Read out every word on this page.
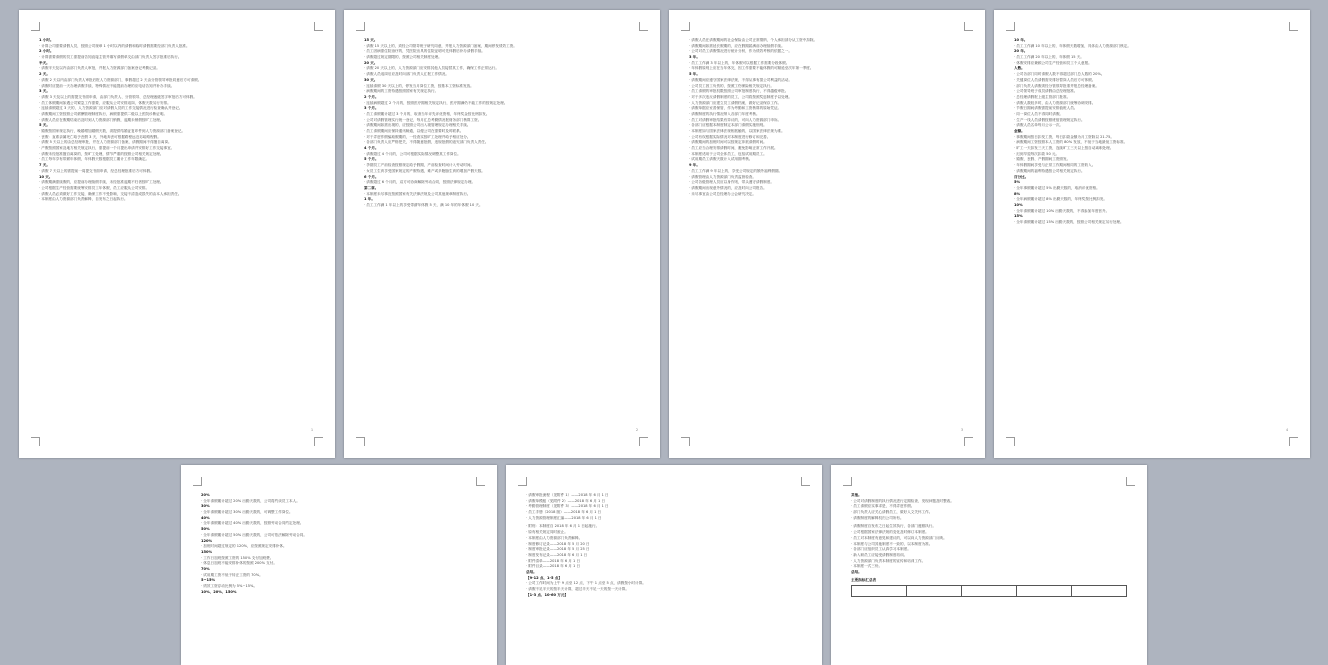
1 小时。
· 计算公司需要请假人员，按照公司规章 1 小时以内的请假和临时请假需要经部门负责人批准。
2 小时。
· 计算需要请假的员工需提前告知直接主管并填写请假单交由部门负责人签字批准后执行。
半天。
· 请假半天及以内由部门负责人审批，并报人力资源部门备案登记考勤记录。
2 天。
· 请假 2 天以内由部门负责人审批后报人力资源部门，事假超过 2 天由分管领导审批同意后方可请假。
· 请假时应提前一天办理请假手续，特殊情况不能提前办理的应电话告知并补办手续。
3 天。
· 请假 3 天及以上的需提交书面申请，由部门负责人、分管领导、总经理逐级签字审批后方可休假。
· 员工休假期间如遇公司紧急工作需要，应服从公司安排返岗，休假天数另行安排。
· 连续请假超过 3 天的，人力资源部门应对请假人员的工作交接情况进行检查确认并登记。
· 请假期间工资按照公司薪酬管理制度执行，病假需提供二级以上医院诊断证明。
· 请假人员应在假期结束后及时到人力资源部门销假，逾期未销假按旷工处理。
5 天。
· 婚假按国家规定执行，晚婚增加婚假天数，须提供结婚证复印件到人力资源部门备案登记。
· 丧假：直系亲属死亡给予丧假 3 天，外地奔丧可根据路程远近另给路程假。
· 请假 5 天以上的由总经理审批，并在人力资源部门备案，请假期间不得擅自离岗。
· 产假按照国家及地方相关规定执行，需提前一个月提出申请并安排好工作交接事宜。
· 请假未经批准擅自离岗的，按旷工处理，情节严重的按照公司相关规定处理。
· 员工每年享有带薪年休假，年休假天数根据员工累计工作年限确定。
7 天。
· 请假 7 天以上的需提前一周提交书面申请，经总经理批准后方可休假。
10 天。
· 请假期满需续假的，应提前办理续假手续，未经批准逾期不归者按旷工处理。
· 公司根据生产经营需要统筹安排员工年休假，员工应服从公司安排。
· 请假人员必须做好工作交接，确保工作不受影响，交接不清造成损失的由本人承担责任。
· 本制度由人力资源部门负责解释，自发布之日起执行。
1
15 天。
· 请假 15 天以上的，须经公司领导班子研究同意，并报人力资源部门备案，期间停发绩效工资。
· 员工因病需住院治疗的，凭医院出具的住院证明可先休假后补办请假手续。
· 请假超过规定期限的，按照公司相关制度处理。
20 天。
· 请假 20 天以上的，人力资源部门应安排其他人员接替其工作，确保工作正常运行。
· 请假人员返岗后应及时向部门负责人汇报工作情况。
30 天。
· 连续请假 30 天以上的，停发当月岗位工资，按基本工资标准发放。
· 病假期间的工资待遇按照国家有关规定执行。
2 个月。
· 连续病假超过 2 个月的，按照医疗期相关规定执行，医疗期满仍不能工作的按规定处理。
3 个月。
· 员工请假累计超过 3 个月的，取消当年评先评优资格，年终奖金按比例扣发。
· 公司对请假管理实行统一登记，每月汇总考勤情况报财务部门核算工资。
· 请假期间如需出境的，应按照公司出入境管理规定办理相关手续。
· 员工请假期间应保持通讯畅通，以便公司在需要时及时联系。
· 对于弄虚作假骗取假期的，一经查实按旷工处理并给予相应处分。
· 各部门负责人应严格把关，不得随意批假，违规批假的追究部门负责人责任。
4 个月。
· 请假超过 4 个月的，公司可根据实际情况调整其工作岗位。
5 个月。
· 孕期员工产前检查按照规定给予假期，产前检查时间计入劳动时间。
· 女员工生育享受国家规定的产假待遇，难产或多胞胎生育的增加产假天数。
6 个月。
· 请假超过 6 个月的，双方可协商解除劳动合同，按照法律规定办理。
第二章。
· 本制度未尽事宜按照国家有关法律法规及公司其他规章制度执行。
1 年。
· 员工工作满 1 年以上的享受带薪年休假 5 天，满 10 年的年休假 10 天。
2
· 请假人员在请假期间的社会保险由公司正常缴纳，个人承担部分从工资中扣除。
· 请假期间如需延长假期的，应在假期届满前办理续假手续。
· 公司对员工请假情况进行统计分析，作为绩效考核的依据之一。
3 年。
· 员工工作满 3 年以上的，年休假可以根据工作需要分段休假。
· 年休假原则上应在当年休完，因工作需要不能休假的可顺延至次年第一季度。
5 年。
· 请假期间应遵守国家法律法规，不得从事有损公司利益的活动。
· 公司员工因工负伤的，按照工伤保险相关规定执行。
· 员工请假的审批权限按照公司审批制度执行，不得越级审批。
· 对于多次违反请假制度的员工，公司将按照奖惩制度予以处理。
· 人力资源部门应建立员工请假档案，做好记录保存工作。
· 请假单据应妥善保管，作为考勤和工资核算的原始凭证。
· 请假制度的执行情况纳入各部门年度考核。
· 员工对请假审批结果有异议的，可向人力资源部门申诉。
· 各部门应根据本制度制定本部门请假实施细则。
· 本制度如与国家法律法规相抵触的，以国家法律法规为准。
· 公司有权根据实际情况对本制度进行修订和完善。
· 请假期间的加班时间可以按规定冲抵请假时间。
· 员工应当合理安排请假时间，避免影响正常工作开展。
· 本制度适用于公司全体员工，包括试用期员工。
· 试用期员工请假天数计入试用期考核。
9 年。
· 员工工作满 9 年以上的，享受公司规定的额外福利假期。
· 请假管理由人力资源部门负责监督检查。
· 公司各级管理人员应以身作则，带头遵守请假制度。
· 请假期间出现意外情况的，应及时向公司报告。
· 未尽事宜由公司总经理办公会研究决定。
3
10 年。
· 员工工作满 10 年以上的，年休假天数增加，具体由人力资源部门核定。
20 年。
· 员工工作满 20 年以上的，年休假 15 天。
· 休假安排应兼顾公司生产经营和员工个人意愿。
人数。
· 公司各部门同时请假人数不得超过部门总人数的 20%。
· 关键岗位人员请假需安排好替岗人员后方可休假。
· 部门负责人请假须经分管领导批准并报总经理备案。
· 公司领导班子成员请假由总经理批准。
· 总经理请假报上级主管部门批准。
· 请假人数较多时，由人力资源部门统筹协调安排。
· 节假日期间请假需提前安排值班人员。
· 同一岗位人员不得同时请假。
· 生产一线人员请假按照班组管理规定执行。
· 请假人员名单每月公示一次。
金额。
· 事假期间按日扣发工资，每日扣款金额为月工资除以 21.75。
· 病假期间工资按照本人工资的 80% 发放，不低于当地最低工资标准。
· 旷工一天扣发三天工资，连续旷工三天以上按自动离职处理。
· 迟到早退每次扣款 50 元。
· 婚假、丧假、产假期间工资照发。
· 年休假期间享受与正常工作期间相同的工资收入。
· 请假期间的福利待遇按公司相关规定执行。
百分比。
5%
· 全年事假累计超过 5% 出勤天数的，取消评优资格。
8%
· 全年病假累计超过 8% 出勤天数的，年终奖按比例扣发。
10%
· 全年请假累计超过 10% 出勤天数的，不得参加年度晋升。
15%
· 全年请假累计超过 15% 出勤天数的，按照公司相关规定另行处理。
4
20%
· 全年请假累计超过 20% 出勤天数的，公司将约谈员工本人。
30%
· 全年请假累计超过 30% 出勤天数的，可调整工作岗位。
40%
· 全年请假累计超过 40% 出勤天数的，按照劳动合同约定处理。
50%
· 全年请假累计超过 50% 出勤天数的，公司可依法解除劳动合同。
120%
· 加班时间超过规定的 120%，应按照规定安排补休。
150%
· 工作日加班按照工资的 150% 支付加班费。
· 休息日加班不能安排补休的按照 200% 支付。
70%
· 试用期工资不低于转正工资的 70%。
5~15%
· 绩效工资浮动比例为 5%~15%。
10%、20%、150%
· 请假审批流程（见附件 1）——2018 年 6 月 1 日
· 请假单模板（见附件 2）——2018 年 6 月 1 日
· 考勤管理制度（见附件 3）——2018 年 6 月 1 日
· 员工手册（2018 版）——2018 年 6 月 1 日
· 人力资源管理制度汇编——2018 年 6 月 1 日
· 附则：本制度自 2018 年 6 月 1 日起施行。
· 原有相关规定同时废止。
· 本制度由人力资源部门负责解释。
· 制度修订记录——2018 年 5 月 20 日
· 制度审批记录——2018 年 5 月 25 日
· 制度发布记录——2018 年 6 月 1 日
· 附件清单——2018 年 6 月 1 日
· 附件目录——2018 年 6 月 1 日
总结。
【9-12 点、1-5 点】
· 公司工作时间为上午 9 点至 12 点，下午 1 点至 5 点，请假按小时计算。
· 请假不足半天的按半天计算，超过半天不足一天的按一天计算。
【1-3 点、10-60 万元】
其他。
· 公司对请假制度的执行情况进行定期检查，发现问题及时整改。
· 员工请假应实事求是，不得弄虚作假。
· 部门负责人应关心请假员工，做好人文关怀工作。
· 请假制度的解释权归公司所有。
· 请假制度自发布之日起生效执行，各部门遵照执行。
· 公司根据国家法律法规的变化及时修订本制度。
· 员工对本制度有意见和建议的，可以向人力资源部门反映。
· 本制度与公司其他制度不一致的，以本制度为准。
· 各部门应组织员工认真学习本制度。
· 新入职员工应接受请假制度培训。
· 人力资源部门负责本制度的宣传和培训工作。
· 本制度一式三份。
总结。
主要指标汇总表
